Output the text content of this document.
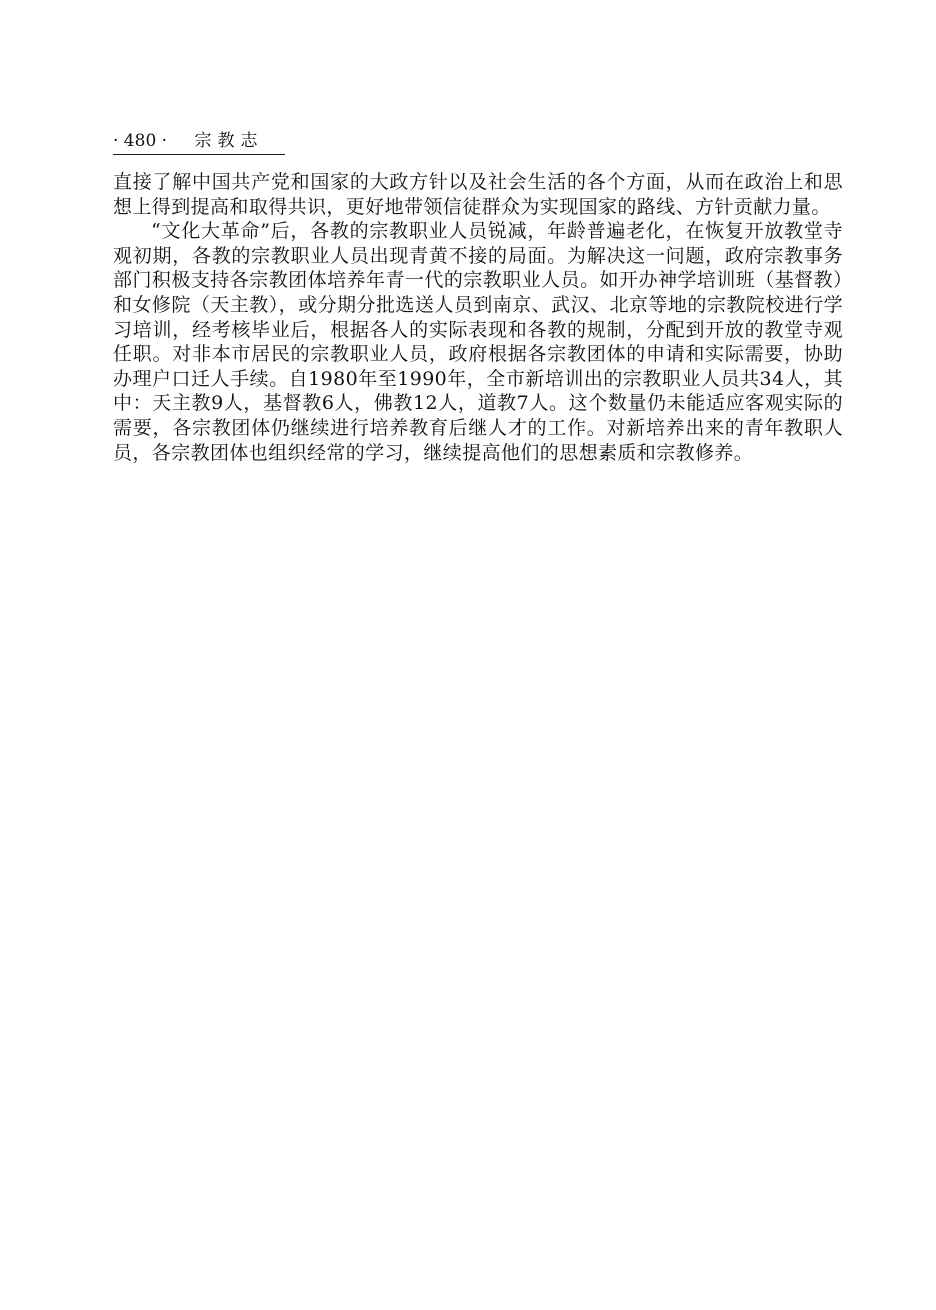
· 480 · 宗教志

直接了解中国共产党和国家的大政方针以及社会生活的各个方面，从而在政治上和思想上得到提高和取得共识，更好地带领信徒群众为实现国家的路线、方针贡献力量。

“文化大革命”后，各教的宗教职业人员锐减，年龄普遍老化，在恢复开放教堂寺观初期，各教的宗教职业人员出现青黄不接的局面。为解决这一问题，政府宗教事务部门积极支持各宗教团体培养年青一代的宗教职业人员。如开办神学培训班（基督教）和女修院（天主教），或分期分批选送人员到南京、武汉、北京等地的宗教院校进行学习培训，经考核毕业后，根据各人的实际表现和各教的规制，分配到开放的教堂寺观任职。对非本市居民的宗教职业人员，政府根据各宗教团体的申请和实际需要，协助办理户口迁人手续。自1980年至1990年，全市新培训出的宗教职业人员共34人，其中：天主教9人，基督教6人，佛教12人，道教7人。这个数量仍未能适应客观实际的需要，各宗教团体仍继续进行培养教育后继人才的工作。对新培养出来的青年教职人员，各宗教团体也组织经常的学习，继续提高他们的思想素质和宗教修养。
